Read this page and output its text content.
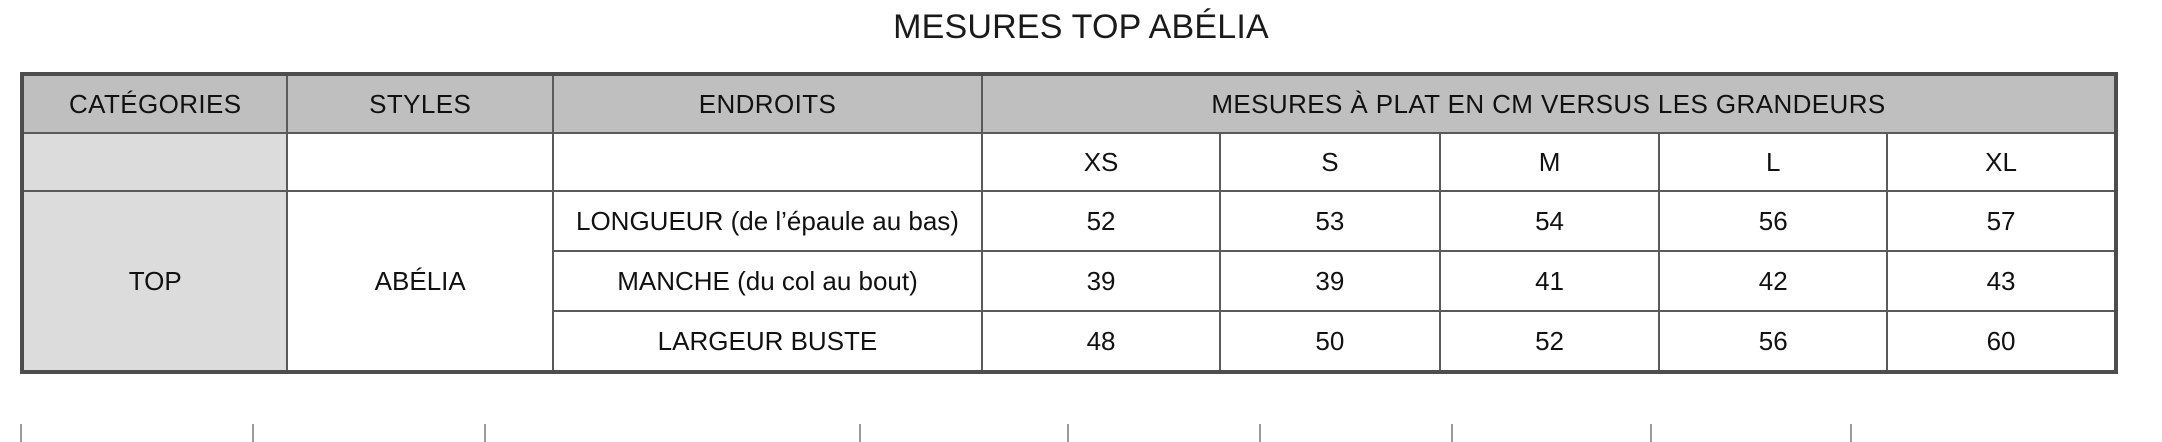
MESURES TOP ABÉLIA
CATÉGORIES	STYLES	ENDROITS	MESURES À PLAT EN CM VERSUS LES GRANDEURS				
			XS	S	M	L	XL
TOP	ABÉLIA	LONGUEUR (de l’épaule au bas)	52	53	54	56	57
		MANCHE (du col au bout)	39	39	41	42	43
		LARGEUR BUSTE	48	50	52	56	60
